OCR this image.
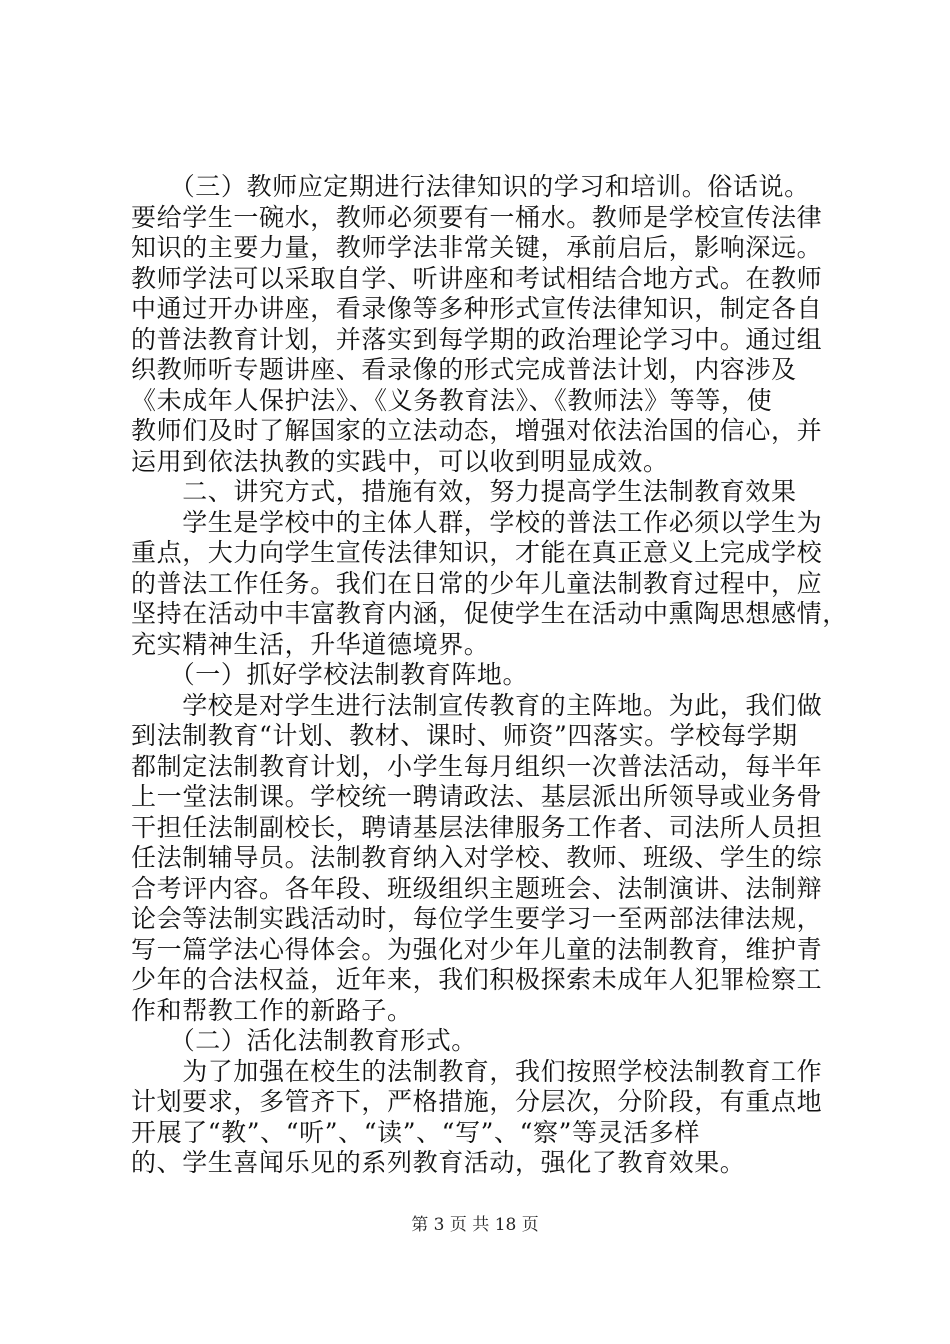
　　（三）教师应定期进行法律知识的学习和培训。俗话说。
要给学生一碗水，教师必须要有一桶水。教师是学校宣传法律
知识的主要力量，教师学法非常关键，承前启后，影响深远。
教师学法可以采取自学、听讲座和考试相结合地方式。在教师
中通过开办讲座，看录像等多种形式宣传法律知识，制定各自
的普法教育计划，并落实到每学期的政治理论学习中。通过组
织教师听专题讲座、看录像的形式完成普法计划，内容涉及
《未成年人保护法》、《义务教育法》、《教师法》等等，使
教师们及时了解国家的立法动态，增强对依法治国的信心，并
运用到依法执教的实践中，可以收到明显成效。
　　二、讲究方式，措施有效，努力提高学生法制教育效果
　　学生是学校中的主体人群，学校的普法工作必须以学生为
重点，大力向学生宣传法律知识，才能在真正意义上完成学校
的普法工作任务。我们在日常的少年儿童法制教育过程中，应
坚持在活动中丰富教育内涵，促使学生在活动中熏陶思想感情，
充实精神生活，升华道德境界。
　　（一）抓好学校法制教育阵地。
　　学校是对学生进行法制宣传教育的主阵地。为此，我们做
到法制教育“计划、教材、课时、师资”四落实。学校每学期
都制定法制教育计划，小学生每月组织一次普法活动，每半年
上一堂法制课。学校统一聘请政法、基层派出所领导或业务骨
干担任法制副校长，聘请基层法律服务工作者、司法所人员担
任法制辅导员。法制教育纳入对学校、教师、班级、学生的综
合考评内容。各年段、班级组织主题班会、法制演讲、法制辩
论会等法制实践活动时，每位学生要学习一至两部法律法规，
写一篇学法心得体会。为强化对少年儿童的法制教育，维护青
少年的合法权益，近年来，我们积极探索未成年人犯罪检察工
作和帮教工作的新路子。
　　（二）活化法制教育形式。
　　为了加强在校生的法制教育，我们按照学校法制教育工作
计划要求，多管齐下，严格措施，分层次，分阶段，有重点地
开展了“教”、“听”、“读”、“写”、“察”等灵活多样
的、学生喜闻乐见的系列教育活动，强化了教育效果。
第 3 页 共 18 页
